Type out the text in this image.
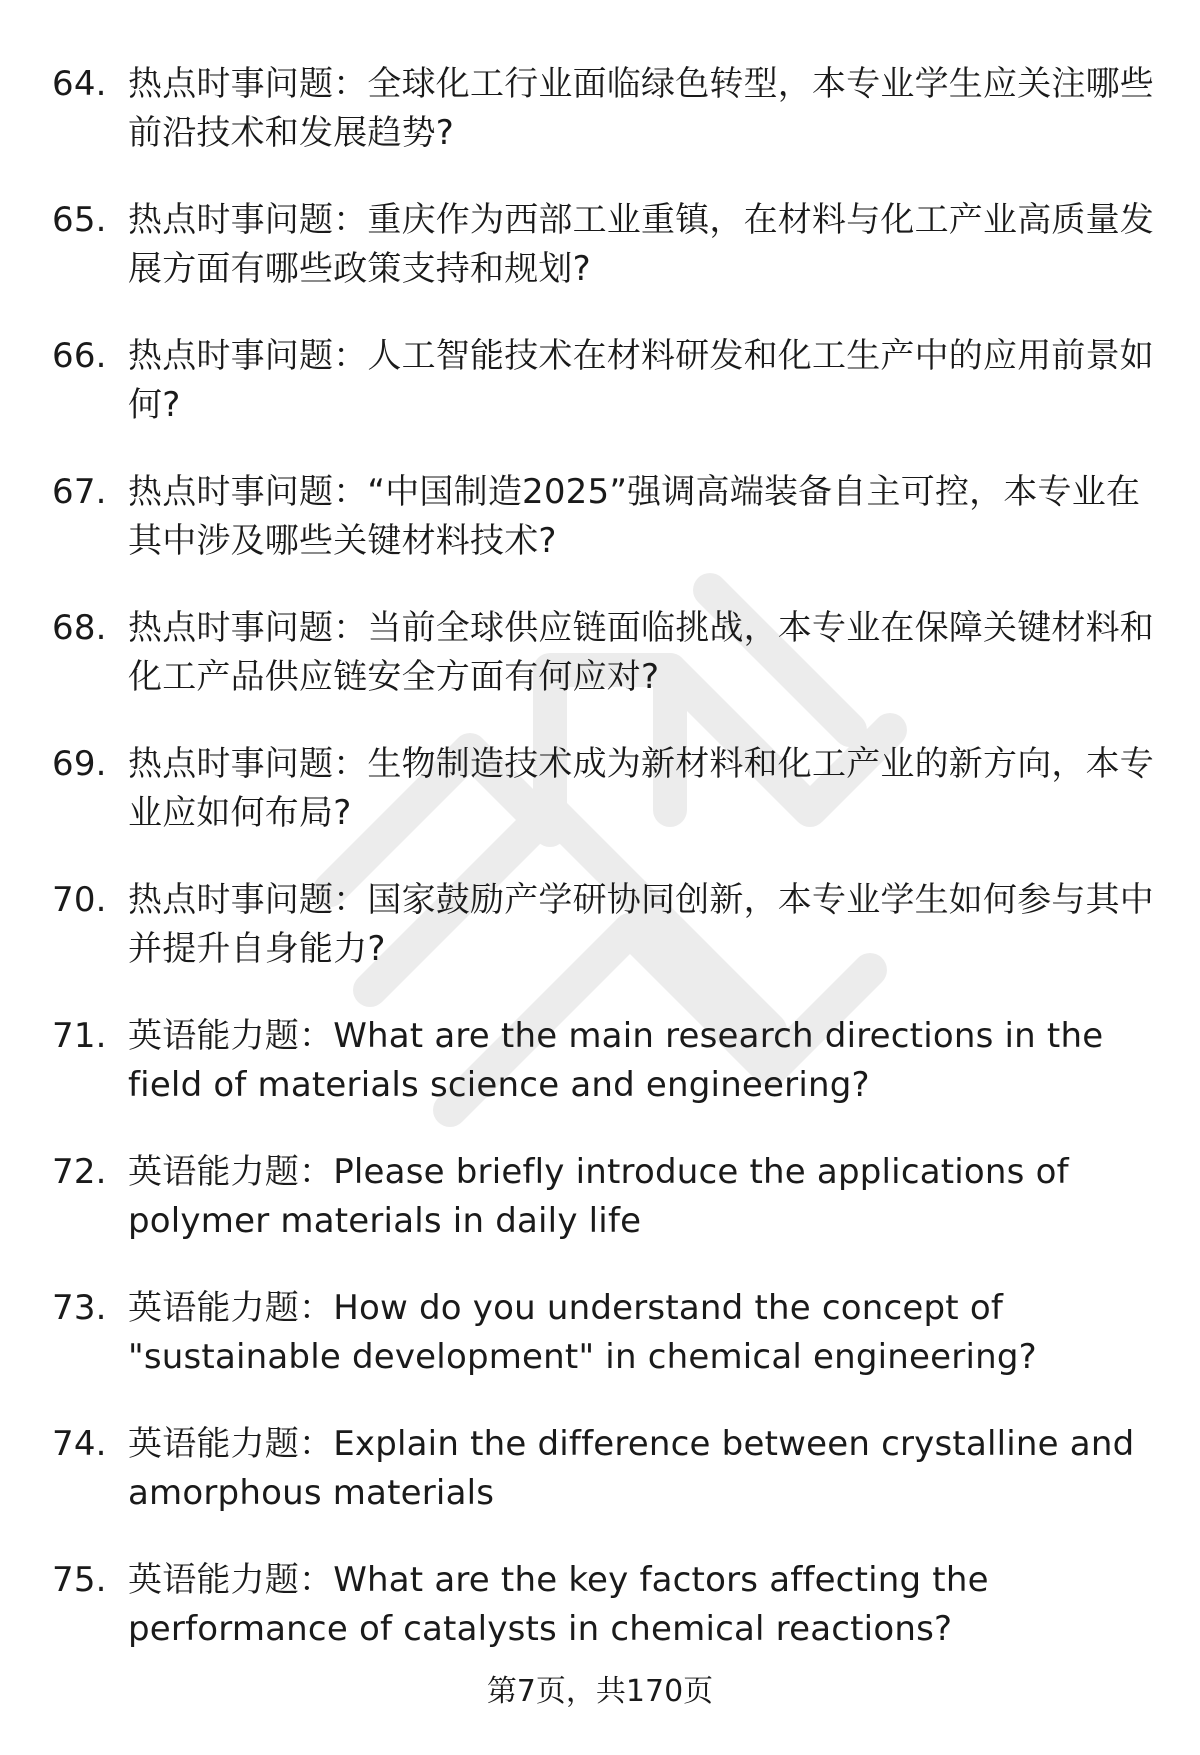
64. 热点时事问题：全球化工行业面临绿色转型，本专业学生应关注哪些前沿技术和发展趋势?
65. 热点时事问题：重庆作为西部工业重镇，在材料与化工产业高质量发展方面有哪些政策支持和规划?
66. 热点时事问题：人工智能技术在材料研发和化工生产中的应用前景如何?
67. 热点时事问题：“中国制造2025”强调高端装备自主可控，本专业在其中涉及哪些关键材料技术?
68. 热点时事问题：当前全球供应链面临挑战，本专业在保障关键材料和化工产品供应链安全方面有何应对?
69. 热点时事问题：生物制造技术成为新材料和化工产业的新方向，本专业应如何布局?
70. 热点时事问题：国家鼓励产学研协同创新，本专业学生如何参与其中并提升自身能力?
71. 英语能力题：What are the main research directions in the field of materials science and engineering?
72. 英语能力题：Please briefly introduce the applications of polymer materials in daily life
73. 英语能力题：How do you understand the concept of "sustainable development" in chemical engineering?
74. 英语能力题：Explain the difference between crystalline and amorphous materials
75. 英语能力题：What are the key factors affecting the performance of catalysts in chemical reactions?
第7页，共170页
